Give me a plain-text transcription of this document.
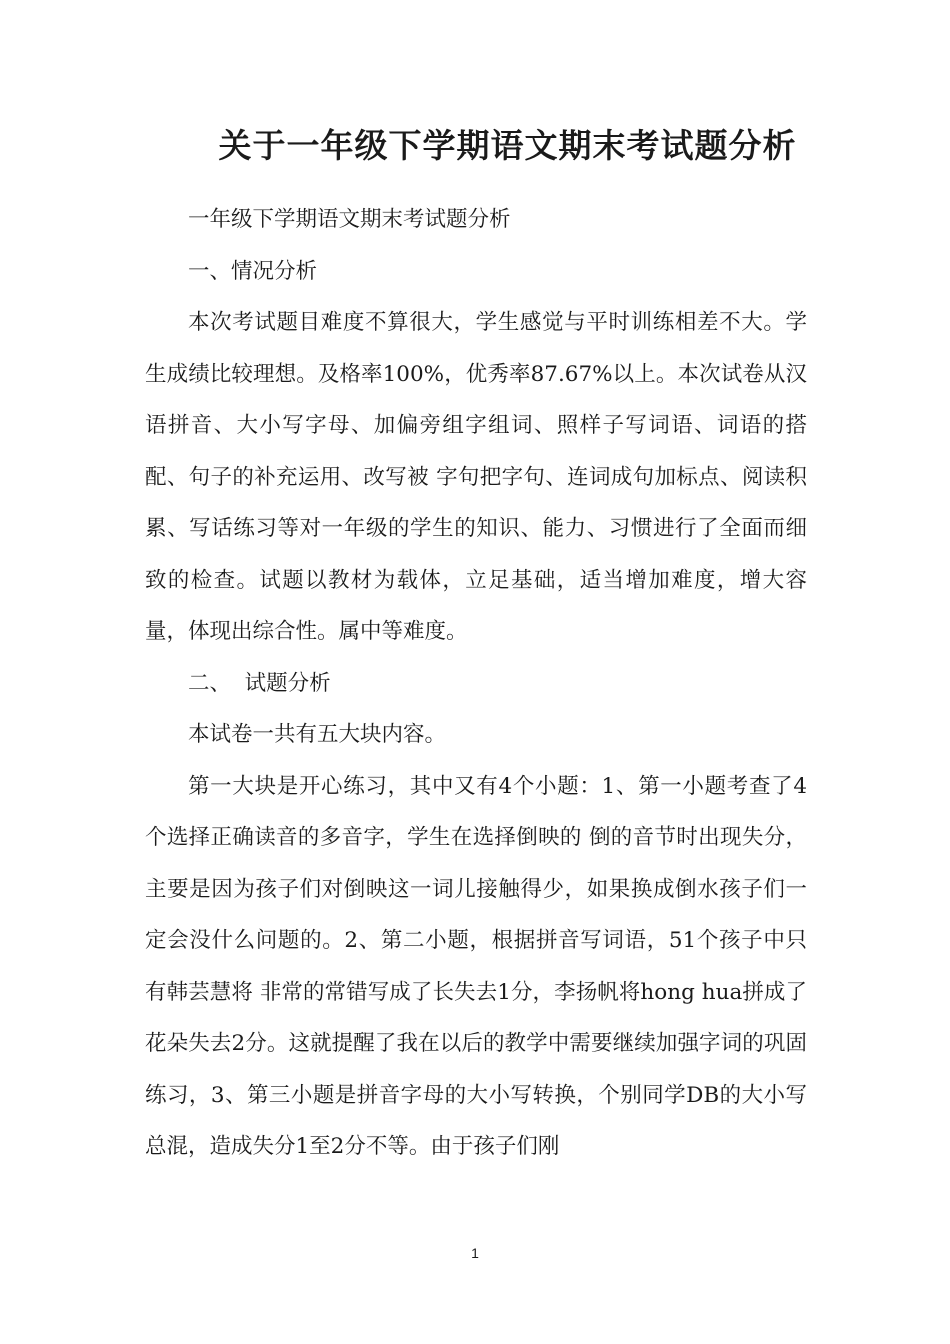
关于一年级下学期语文期末考试题分析

一年级下学期语文期末考试题分析

一、情况分析

本次考试题目难度不算很大，学生感觉与平时训练相差不大。学生成绩比较理想。及格率100%，优秀率87.67%以上。本次试卷从汉语拼音、大小写字母、加偏旁组字组词、照样子写词语、词语的搭配、句子的补充运用、改写被 字句把字句、连词成句加标点、阅读积累、写话练习等对一年级的学生的知识、能力、习惯进行了全面而细致的检查。试题以教材为载体，立足基础，适当增加难度，增大容量，体现出综合性。属中等难度。

二、  试题分析

本试卷一共有五大块内容。

第一大块是开心练习，其中又有4个小题：1、第一小题考查了4个选择正确读音的多音字，学生在选择倒映的 倒的音节时出现失分，主要是因为孩子们对倒映这一词儿接触得少，如果换成倒水孩子们一定会没什么问题的。2、第二小题，根据拼音写词语，51个孩子中只有韩芸慧将 非常的常错写成了长失去1分，李扬帆将hong hua拼成了 花朵失去2分。这就提醒了我在以后的教学中需要继续加强字词的巩固练习，3、第三小题是拼音字母的大小写转换，个别同学DB的大小写总混，造成失分1至2分不等。由于孩子们刚

1
